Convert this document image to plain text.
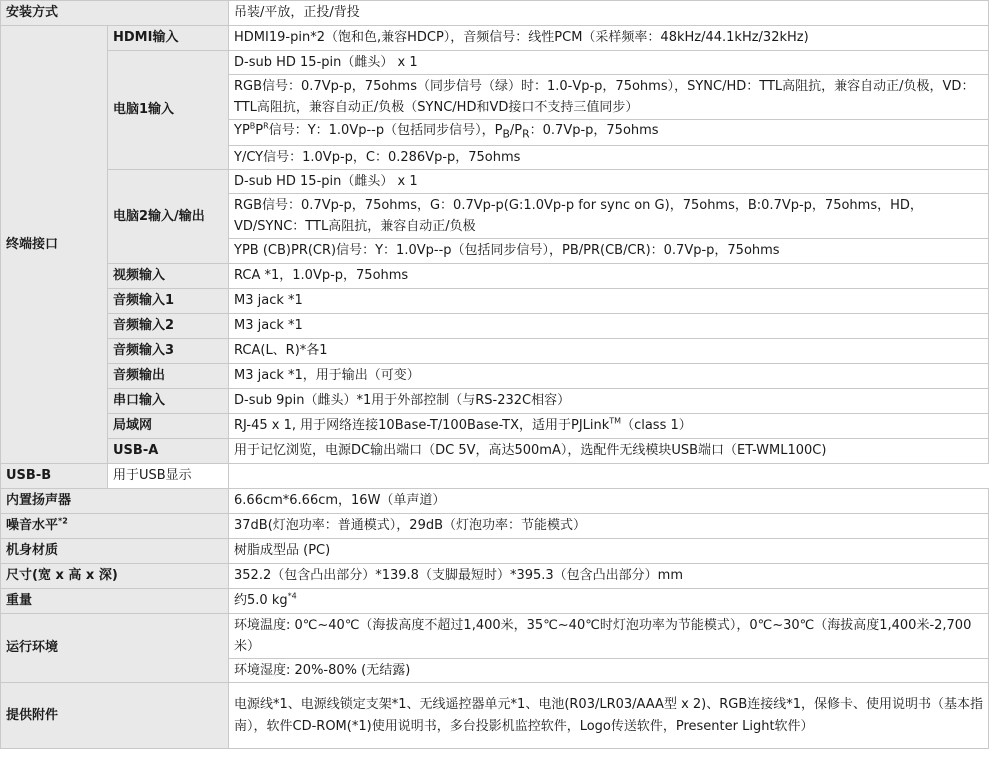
安装方式		吊装/平放，正投/背投
终端接口	HDMI输入	HDMI19-pin*2（饱和色,兼容HDCP），音频信号：线性PCM（采样频率：48kHz/44.1kHz/32kHz)
	电脑1输入	D-sub HD 15-pin（雌头） x 1
		RGB信号：0.7Vp-p，75ohms（同步信号（绿）时：1.0-Vp-p，75ohms），SYNC/HD：TTL高阻抗，兼容自动正/负极，VD：TTL高阻抗，兼容自动正/负极（SYNC/HD和VD接口不支持三值同步）
		$YP^BP^R$信号：Y：1.0Vp--p（包括同步信号），$P_B/P_R$：0.7Vp-p，75ohms
		Y/CY信号：1.0Vp-p，C：0.286Vp-p，75ohms
	电脑2输入/输出	D-sub HD 15-pin（雌头） x 1
		RGB信号：0.7Vp-p，75ohms，G：0.7Vp-p(G:1.0Vp-p for sync on G)，75ohms，B:0.7Vp-p，75ohms，HD，VD/SYNC：TTL高阻抗，兼容自动正/负极
		YPB (CB)PR(CR)信号：Y：1.0Vp--p（包括同步信号），PB/PR(CB/CR)：0.7Vp-p，75ohms
	视频输入	RCA *1，1.0Vp-p，75ohms
	音频输入1	M3 jack *1
	音频输入2	M3 jack *1
	音频输入3	RCA(L、R)*各1
	音频输出	M3 jack *1，用于输出（可变）
	串口输入	D-sub 9pin（雌头）*1用于外部控制（与RS-232C相容）
	局域网	RJ-45 x 1, 用于网络连接10Base-T/100Base-TX，适用于PJLink™（class 1）
	USB-A	用于记忆浏览，电源DC输出端口（DC 5V，高达500mA），选配件无线模块USB端口（ET-WML100C)
USB-B	用于USB显示	
内置扬声器		6.66cm*6.66cm，16W（单声道）
噪音水平$^{*2}$		37dB(灯泡功率：普通模式），29dB（灯泡功率：节能模式）
机身材质		树脂成型品 (PC)
尺寸(宽 x 高 x 深)		352.2（包含凸出部分）*139.8（支脚最短时）*395.3（包含凸出部分）mm
重量		约5.0 $kg^{*4}$
运行环境		环境温度: 0℃~40℃（海拔高度不超过1,400米，35℃~40℃时灯泡功率为节能模式），0℃~30℃（海拔高度1,400米-2,700米）
		环境湿度: 20%-80% (无结露)
提供附件		电源线*1、电源线锁定支架*1、无线遥控器单元*1、电池(R03/LR03/AAA型 x 2)、RGB连接线*1，保修卡、使用说明书（基本指南），软件CD-ROM(*1)使用说明书，多台投影机监控软件，Logo传送软件，Presenter Light软件）
